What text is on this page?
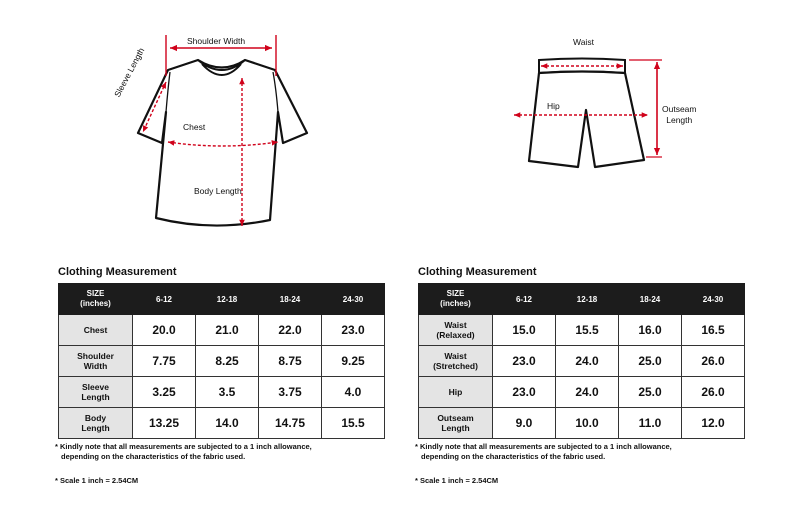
Shoulder Width
Sleeve Length
Chest
Body Length
Waist
Hip	Outseam
Length
Clothing Measurement
SIZE
(inches)	6-12	12-18	18-24	24-30
Chest	20.0	21.0	22.0	23.0

Shoulder
Width	7.75	8.25	8.75	9.25

Sleeve
Length	3.25	3.5	3.75	4.0

Body
Length	13.25	14.0	14.75	15.5
* Kindly note that all measurements are subjected to a 1 inch allowance,
depending on the characteristics of the fabric used.
* Scale 1 inch = 2.54CM
Clothing Measurement
SIZE
(inches)	6-12	12-18	18-24	24-30

Waist
(Relaxed)	15.0	15.5	16.0	16.5

Waist
(Stretched)	23.0	24.0	25.0	26.0
Hip	23.0	24.0	25.0	26.0

Outseam
Length	9.0	10.0	11.0	12.0
* Kindly note that all measurements are subjected to a 1 inch allowance,
depending on the characteristics of the fabric used.
* Scale 1 inch = 2.54CM
